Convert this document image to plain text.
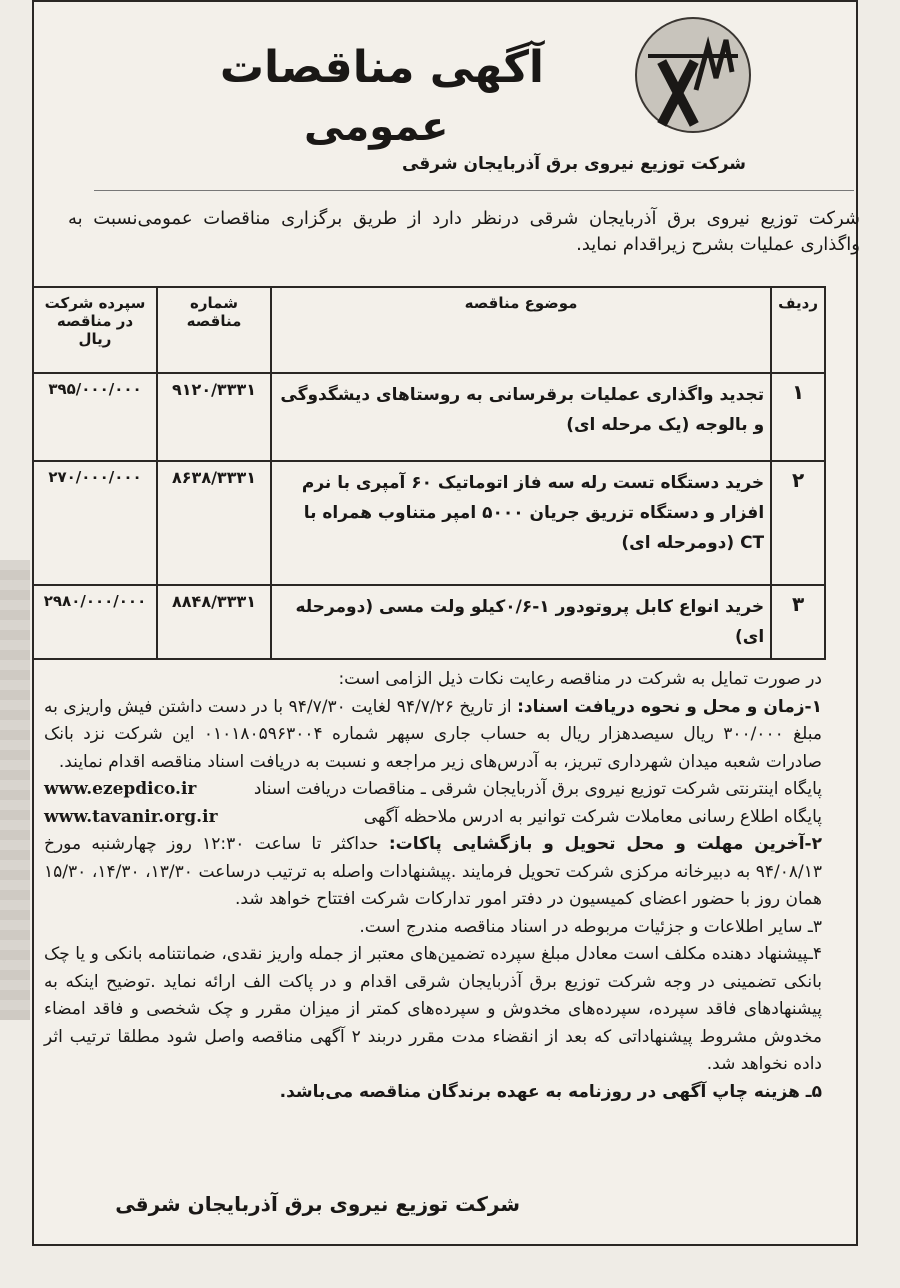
آگهی مناقصات
عمومی
شرکت توزیع نیروی برق آذربایجان شرقی
شرکت توزیع نیروی برق آذربایجان شرقی درنظر دارد از طریق برگزاری مناقصات عمومی‌نسبت به واگذاری عملیات بشرح زیراقدام نماید.
ردیف	موضوع مناقصه	شماره مناقصه	سپرده شرکت در مناقصه ریال
۱	تجدید واگذاری عملیات برقرسانی به روستاهای دیشگدوگی و بالوجه (یک مرحله ای)	۹۱۲۰/۳۳۳۱	۳۹۵/۰۰۰/۰۰۰
۲	خرید دستگاه تست رله سه فاز اتوماتیک ۶۰ آمپری با نرم افزار و دستگاه تزریق جریان ۵۰۰۰ امپر متناوب همراه با CT (دومرحله ای)	۸۶۳۸/۳۳۳۱	۲۷۰/۰۰۰/۰۰۰
۳	خرید انواع کابل پروتودور ۱-۰/۶کیلو ولت مسی (دومرحله ای)	۸۸۴۸/۳۳۳۱	۲۹۸۰/۰۰۰/۰۰۰

در صورت تمایل به شرکت در مناقصه رعایت نکات ذیل الزامی است:

۱-زمان و محل و نحوه دریافت اسناد: از تاریخ ۹۴/۷/۲۶ لغایت ۹۴/۷/۳۰ با در دست داشتن فیش واریزی به مبلغ ۳۰۰/۰۰۰ ریال سیصدهزار ریال به حساب جاری سپهر شماره ۰۱۰۱۸۰۵۹۶۳۰۰۴ این شرکت نزد بانک صادرات شعبه میدان شهرداری تبریز، به آدرس‌های زیر مراجعه و نسبت به دریافت اسناد مناقصه اقدام نمایند.

پایگاه اینترنتی شرکت توزیع نیروی برق آذربایجان شرقی ـ مناقصات دریافت اسناد
www.ezepdico.ir
پایگاه اطلاع رسانی معاملات شرکت توانیر به ادرس ملاحظه آگهی
www.tavanir.org.ir

۲-آخرین مهلت و محل تحویل و بازگشایی پاکات: حداکثر تا ساعت ۱۲:۳۰ روز چهارشنبه مورخ ۹۴/۰۸/۱۳ به دبیرخانه مرکزی شرکت تحویل فرمایند .پیشنهادات واصله به ترتیب درساعت ۱۳/۳۰، ۱۴/۳۰، ۱۵/۳۰ همان روز با حضور اعضای کمیسیون در دفتر امور تدارکات شرکت افتتاح خواهد شد.

۳ـ سایر اطلاعات و جزئیات مربوطه در اسناد مناقصه مندرج است.

۴ـپیشنهاد دهنده مکلف است معادل مبلغ سپرده تضمین‌های معتبر از جمله واریز نقدی، ضمانتنامه بانکی و یا چک بانکی تضمینی در وجه شرکت توزیع برق آذربایجان شرقی اقدام و در پاکت الف ارائه نماید .توضیح اینکه به پیشنهادهای فاقد سپرده، سپرده‌های مخدوش و سپرده‌های کمتر از میزان مقرر و چک شخصی و فاقد امضاء مخدوش مشروط پیشنهاداتی که بعد از انقضاء مدت مقرر دربند ۲ آگهی مناقصه واصل شود مطلقا ترتیب اثر داده نخواهد شد.

۵ـ هزینه چاپ آگهی در روزنامه به عهده برندگان مناقصه می‌باشد.

شرکت توزیع نیروی برق آذربایجان شرقی
